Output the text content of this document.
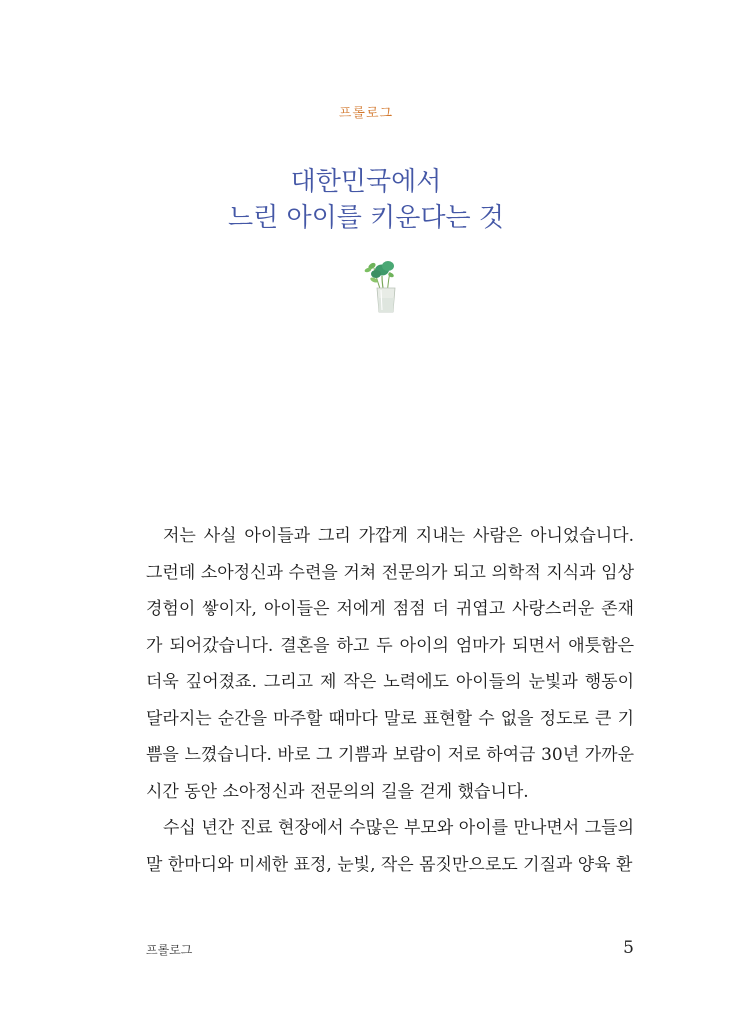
프롤로그
대한민국에서
느린 아이를 키운다는 것

저는 사실 아이들과 그리 가깝게 지내는 사람은 아니었습니다. 그런데 소아정신과 수련을 거쳐 전문의가 되고 의학적 지식과 임상 경험이 쌓이자, 아이들은 저에게 점점 더 귀엽고 사랑스러운 존재가 되어갔습니다. 결혼을 하고 두 아이의 엄마가 되면서 애틋함은 더욱 깊어졌죠. 그리고 제 작은 노력에도 아이들의 눈빛과 행동이 달라지는 순간을 마주할 때마다 말로 표현할 수 없을 정도로 큰 기쁨을 느꼈습니다. 바로 그 기쁨과 보람이 저로 하여금 30년 가까운 시간 동안 소아정신과 전문의의 길을 걷게 했습니다.

수십 년간 진료 현장에서 수많은 부모와 아이를 만나면서 그들의 말 한마디와 미세한 표정, 눈빛, 작은 몸짓만으로도 기질과 양육 환

프롤로그	5
